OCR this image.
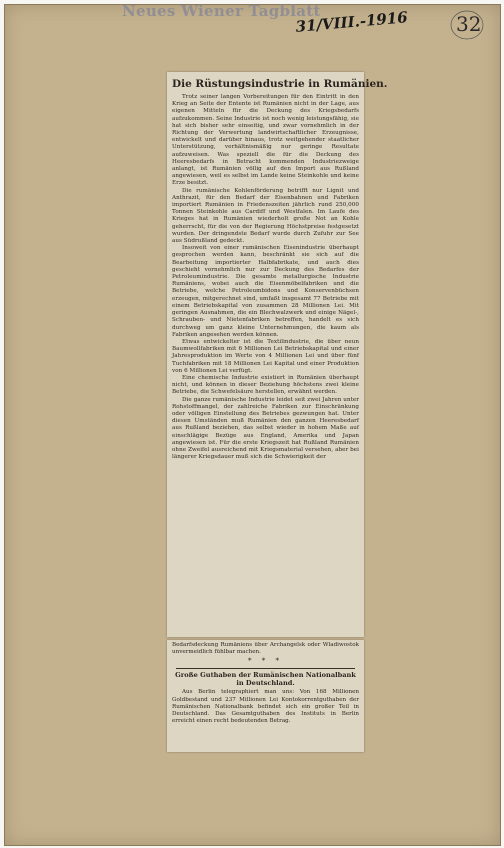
Neues Wiener Tagblatt
31/VIII.-1916 32
Die Rüstungsindustrie in Rumänien.

Trotz seiner langen Vorbereitungen für den Eintritt in den Krieg an Seite der Entente ist Rumänien nicht in der Lage, aus eigenen Mitteln für die Deckung des Kriegsbedarfs aufzukommen. Seine Industrie ist noch wenig leistungsfähig, sie hat sich bisher sehr einseitig, und zwar vornehmlich in der Richtung der Verwertung landwirtschaftlicher Erzeugnisse, entwickelt und darüber hinaus, trotz weitgehender staatlicher Unterstützung, verhältnismäßig nur geringe Resultate aufzuweisen. Was speziell die für die Deckung des Heeresbedarfs in Betracht kommenden Industriezweige anlangt, ist Rumänien völlig auf den Import aus Rußland angewiesen, weil es selbst im Lande keine Steinkohle und keine Erze besitzt.

Die rumänische Kohlenförderung betrifft nur Lignit und Anthrazit, für den Bedarf der Eisenbahnen und Fabriken importiert Rumänien in Friedenszeiten jährlich rund 250,000 Tonnen Steinkohle aus Cardiff und Westfalen. Im Laufe des Krieges hat in Rumänien wiederholt große Not an Kohle geherrscht, für die von der Regierung Höchstpreise festgesetzt wurden. Der dringendste Bedarf wurde durch Zufuhr zur See aus Südrußland gedeckt.

Insoweit von einer rumänischen Eisenindustrie überhaupt gesprochen werden kann, beschränkt sie sich auf die Bearbeitung importierter Halbfabrikate, und auch dies geschieht vornehmlich nur zur Deckung des Bedarfes der Petroleumindustrie. Die gesamte metallurgische Industrie Rumäniens, wobei auch die Eisenmöbelfabriken und die Betriebe, welche Petroleumbidons und Konservenbüchsen erzeugen, mitgerechnet sind, umfaßt insgesamt 77 Betriebe mit einem Betriebskapital von zusammen 28 Millionen Lei. Mit geringen Ausnahmen, die ein Blechwalzwerk und einige Nägel-, Schrauben- und Nietenfabriken betreffen, handelt es sich durchweg um ganz kleine Unternehmungen, die kaum als Fabriken angesehen werden können.

Etwas entwickelter ist die Textilindustrie, die über neun Baumwollfabriken mit 6 Millionen Lei Betriebskapital und einer Jahresproduktion im Werte von 4 Millionen Lei und über fünf Tuchfabriken mit 18 Millionen Lei Kapital und einer Produktion von 6 Millionen Lei verfügt.

Eine chemische Industrie existiert in Rumänien überhaupt nicht, und können in dieser Beziehung höchstens zwei kleine Betriebe, die Schwefelsäure herstellen, erwähnt werden.

Die ganze rumänische Industrie leidet seit zwei Jahren unter Rohstoffmangel, der zahlreiche Fabriken zur Einschränkung oder völligen Einstellung des Betriebes gezwungen hat. Unter diesen Umständen muß Rumänien den ganzen Heeresbedarf aus Rußland beziehen, das selbst wieder in hohem Maße auf einschlägige Bezüge aus England, Amerika und Japan angewiesen ist. Für die erste Kriegszeit hat Rußland Rumänien ohne Zweifel ausreichend mit Kriegsmaterial versehen, aber bei längerer Kriegsdauer muß sich die Schwierigkeit der

Bedarfsdeckung Rumäniens über Archangelsk oder Wladiwostok unvermeidlich fühlbar machen.
* * *
Große Guthaben der Rumänischen Nationalbank in Deutschland.
Aus Berlin telegraphiert man uns: Von 168 Millionen Goldbestand und 237 Millionen Lei Kontokorrentguthaben der Rumänischen Nationalbank befindet sich ein großer Teil in Deutschland. Das Gesamtguthaben des Instituts in Berlin erreicht einen recht bedeutenden Betrag.
